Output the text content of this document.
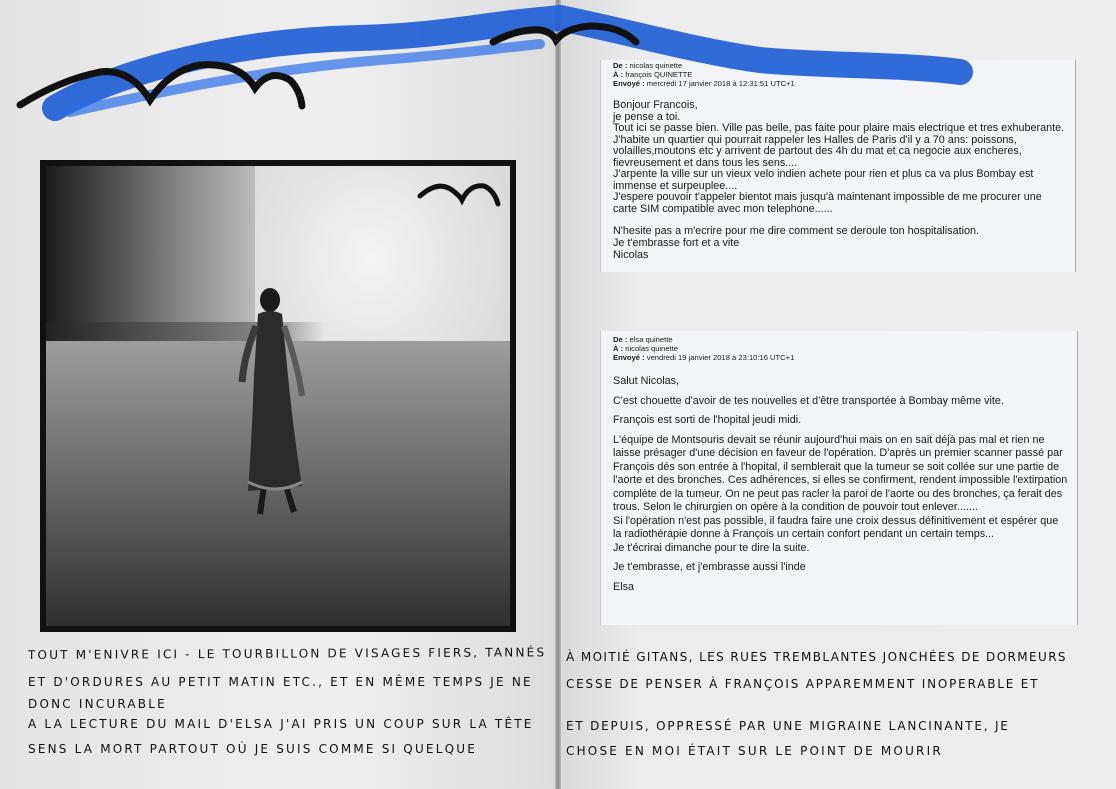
De : nicolas quinette
À : françois QUINETTE
Envoyé : mercredi 17 janvier 2018 à 12:31:51 UTC+1

Bonjour Francois,

je pense a toi.

Tout ici se passe bien. Ville pas belle, pas faite pour plaire mais electrique et tres exhuberante. J'habite un quartier qui pourrait rappeler les Halles de Paris d'il y a 70 ans: poissons, volailles,moutons etc y arrivent de partout des 4h du mat et ca negocie aux encheres, fievreusement et dans tous les sens....

J'arpente la ville sur un vieux velo indien achete pour rien et plus ca va plus Bombay est immense et surpeuplee....

J'espere pouvoir t'appeler bientot mais jusqu'à maintenant impossible de me procurer une carte SIM compatible avec mon telephone......

N'hesite pas a m'ecrire pour me dire comment se deroule ton hospitalisation.

Je t'embrasse fort et a vite

Nicolas
De : elsa quinette
À : nicolas quinette
Envoyé : vendredi 19 janvier 2018 à 23:10:16 UTC+1

Salut Nicolas,

C'est chouette d'avoir de tes nouvelles et d'être transportée à Bombay même vite.

François est sorti de l'hopital jeudi midi.

L'équipe de Montsouris devait se réunir aujourd'hui mais on en sait déjà pas mal et rien ne laisse présager d'une décision en faveur de l'opération. D'après un premier scanner passé par François dés son entrée à l'hopital, il semblerait que la tumeur se soit collée sur une partie de l'aorte et des bronches. Ces adhérences, si elles se confirment, rendent impossible l'extirpation complète de la tumeur. On ne peut pas racler la paroi de l'aorte ou des bronches, ça ferait des trous. Selon le chirurgien on opère à la condition de pouvoir tout enlever.......

Si l'opération n'est pas possible, il faudra faire une croix dessus définitivement et espérer que la radiothérapie donne à François un certain confort pendant un certain temps...

Je t'écrirai dimanche pour te dire la suite.

Je t'embrasse, et j'embrasse aussi l'inde

Elsa

TOUT M'ENIVRE ICI - LE TOURBILLON DE VISAGES FIERS, TANNÉS
ET D'ORDURES AU PETIT MATIN ETC., ET EN MÊME TEMPS JE NE
DONC INCURABLE
A LA LECTURE DU MAIL D'ELSA J'AI PRIS UN COUP SUR LA TÊTE
SENS LA MORT PARTOUT OÙ JE SUIS COMME SI QUELQUE
À MOITIÉ GITANS, LES RUES TREMBLANTES JONCHÉES DE DORMEURS
CESSE DE PENSER À FRANÇOIS APPAREMMENT INOPERABLE ET
ET DEPUIS, OPPRESSÉ PAR UNE MIGRAINE LANCINANTE, JE
CHOSE EN MOI ÉTAIT SUR LE POINT DE MOURIR
